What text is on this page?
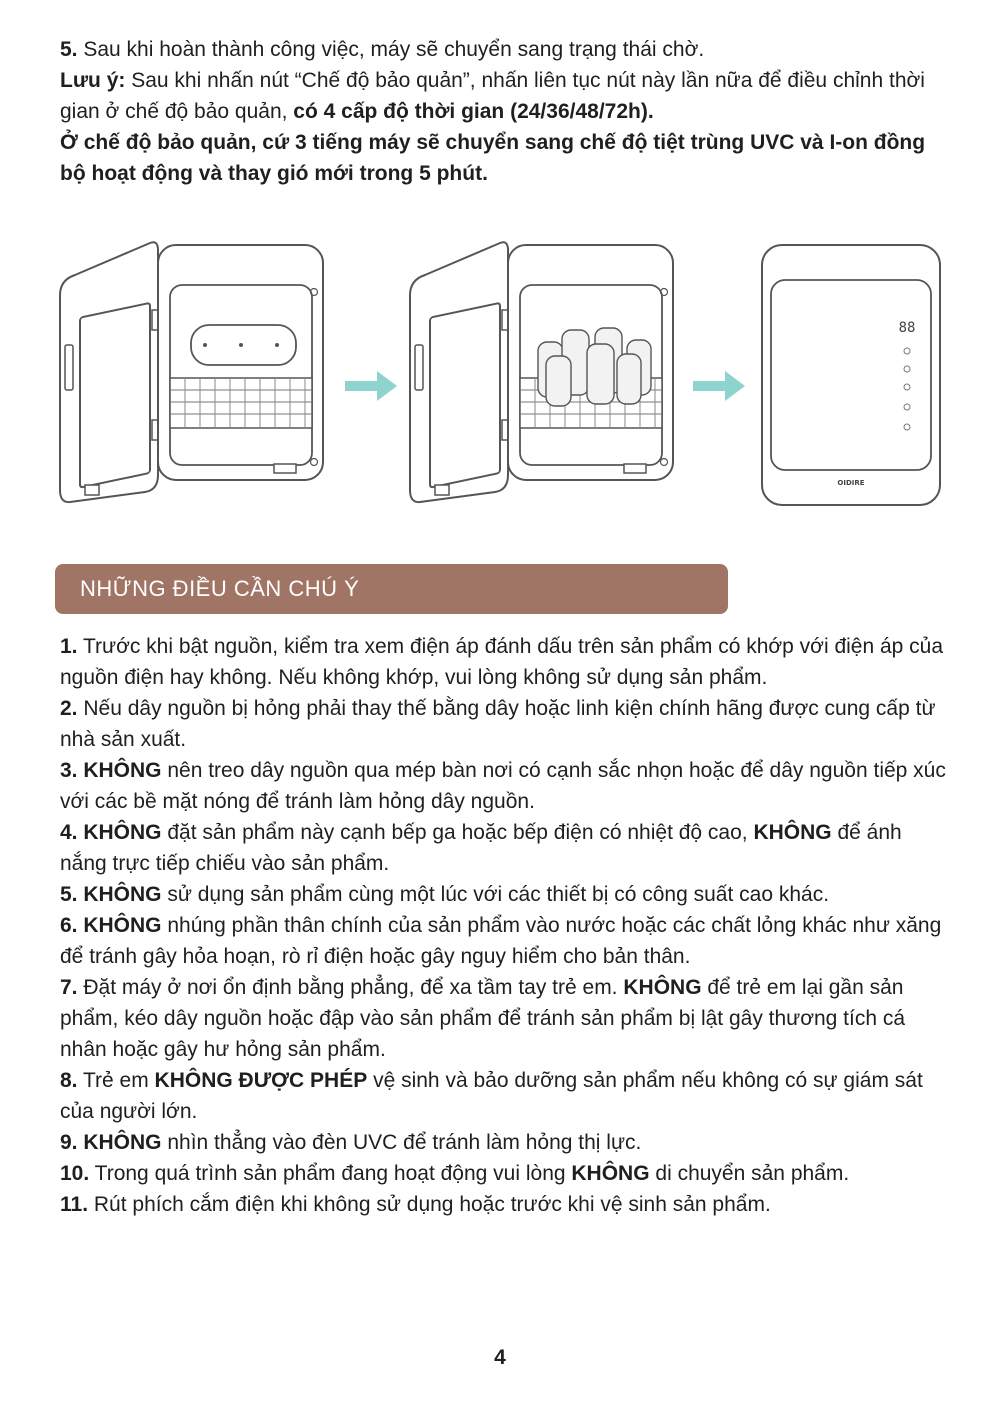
5. Sau khi hoàn thành công việc, máy sẽ chuyển sang trạng thái chờ.

Lưu ý: Sau khi nhấn nút “Chế độ bảo quản”, nhấn liên tục nút này lần nữa để điều chỉnh thời gian ở chế độ bảo quản, có 4 cấp độ thời gian (24/36/48/72h).

Ở chế độ bảo quản, cứ 3 tiếng máy sẽ chuyển sang chế độ tiệt trùng UVC và I-on đồng bộ hoạt động và thay gió mới trong 5 phút.

88
OIDIRE
NHỮNG ĐIỀU CẦN CHÚ Ý

1. Trước khi bật nguồn, kiểm tra xem điện áp đánh dấu trên sản phẩm có khớp với điện áp của nguồn điện hay không. Nếu không khớp, vui lòng không sử dụng sản phẩm.

2. Nếu dây nguồn bị hỏng phải thay thế bằng dây hoặc linh kiện chính hãng được cung cấp từ nhà sản xuất.

3. KHÔNG nên treo dây nguồn qua mép bàn nơi có cạnh sắc nhọn hoặc để dây nguồn tiếp xúc với các bề mặt nóng để tránh làm hỏng dây nguồn.

4. KHÔNG đặt sản phẩm này cạnh bếp ga hoặc bếp điện có nhiệt độ cao, KHÔNG để ánh nắng trực tiếp chiếu vào sản phẩm.

5. KHÔNG sử dụng sản phẩm cùng một lúc với các thiết bị có công suất cao khác.

6. KHÔNG nhúng phần thân chính của sản phẩm vào nước hoặc các chất lỏng khác như xăng để tránh gây hỏa hoạn, rò rỉ điện hoặc gây nguy hiểm cho bản thân.

7. Đặt máy ở nơi ổn định bằng phẳng, để xa tầm tay trẻ em. KHÔNG để trẻ em lại gần sản phẩm, kéo dây nguồn hoặc đập vào sản phẩm để tránh sản phẩm bị lật gây thương tích cá nhân hoặc gây hư hỏng sản phẩm.

8. Trẻ em KHÔNG ĐƯỢC PHÉP vệ sinh và bảo dưỡng sản phẩm nếu không có sự giám sát của người lớn.

9. KHÔNG nhìn thẳng vào đèn UVC để tránh làm hỏng thị lực.

10. Trong quá trình sản phẩm đang hoạt động vui lòng KHÔNG di chuyển sản phẩm.

11. Rút phích cắm điện khi không sử dụng hoặc trước khi vệ sinh sản phẩm.

4
